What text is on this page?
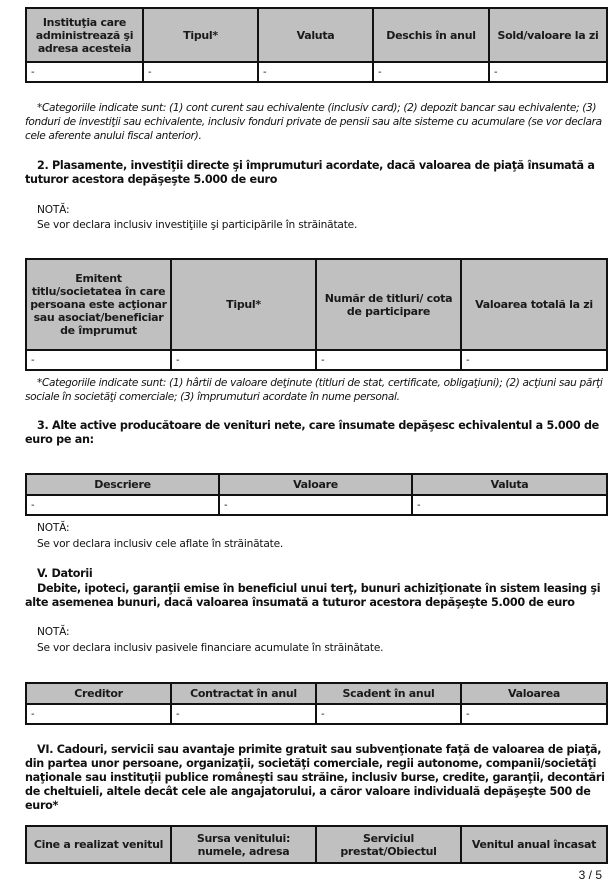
Instituţia care administrează şi adresa acesteia	Tipul*	Valuta	Deschis în anul	Sold/valoare la zi
-	-	-	-	-
*Categoriile indicate sunt: (1) cont curent sau echivalente (inclusiv card); (2) depozit bancar sau echivalente; (3) fonduri de investiţii sau echivalente, inclusiv fonduri private de pensii sau alte sisteme cu acumulare (se vor declara cele aferente anului fiscal anterior).
2. Plasamente, investiţii directe şi împrumuturi acordate, dacă valoarea de piaţă însumată a tuturor acestora depăşeşte 5.000 de euro
NOTĂ:
Se vor declara inclusiv investiţiile şi participările în străinătate.
Emitent titlu/societatea în care persoana este acţionar sau asociat/beneficiar de împrumut	Tipul*	Număr de titluri/ cota de participare	Valoarea totală la zi
-	-	-	-
*Categoriile indicate sunt: (1) hârtii de valoare deţinute (titluri de stat, certificate, obligaţiuni); (2) acţiuni sau părţi sociale în societăţi comerciale; (3) împrumuturi acordate în nume personal.
3. Alte active producătoare de venituri nete, care însumate depăşesc echivalentul a 5.000 de euro pe an:
Descriere	Valoare	Valuta
-	-	-
NOTĂ:
Se vor declara inclusiv cele aflate în străinătate.
V. Datorii
Debite, ipoteci, garanţii emise în beneficiul unui terţ, bunuri achiziţionate în sistem leasing şi alte asemenea bunuri, dacă valoarea însumată a tuturor acestora depăşeşte 5.000 de euro
NOTĂ:
Se vor declara inclusiv pasivele financiare acumulate în străinătate.
Creditor	Contractat în anul	Scadent în anul	Valoarea
-	-	-	-
VI. Cadouri, servicii sau avantaje primite gratuit sau subvenţionate faţă de valoarea de piaţă, din partea unor persoane, organizaţii, societăţi comerciale, regii autonome, companii/societăţi naţionale sau instituţii publice româneşti sau străine, inclusiv burse, credite, garanţii, decontări de cheltuieli, altele decât cele ale angajatorului, a căror valoare individuală depăşeşte 500 de euro*
Cine a realizat venitul	Sursa venitului: numele, adresa	Serviciul prestat/Obiectul	Venitul anual încasat
3 / 5
